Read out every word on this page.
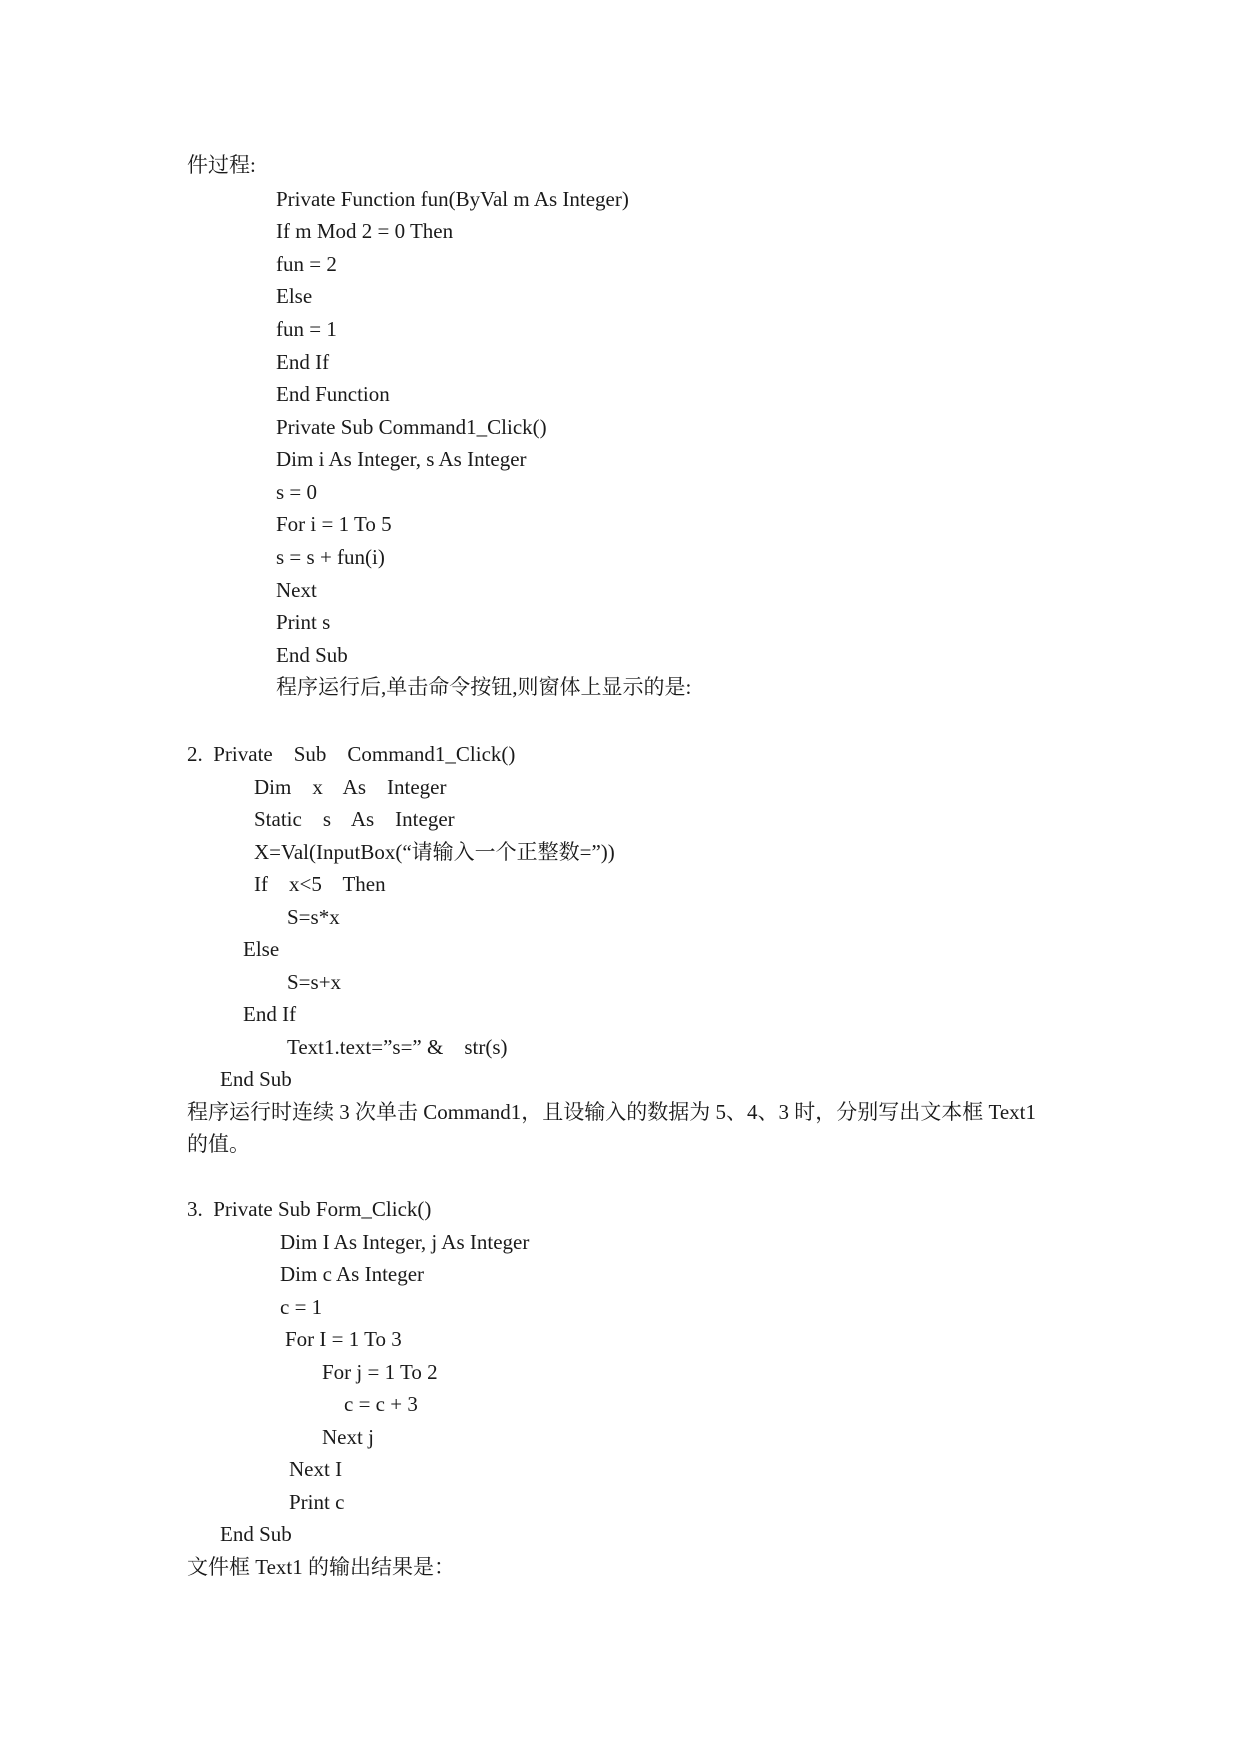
件过程:
Private Function fun(ByVal m As Integer)
If m Mod 2 = 0 Then
fun = 2
Else
fun = 1
End If
End Function
Private Sub Command1_Click()
Dim i As Integer, s As Integer
s = 0
For i = 1 To 5
s = s + fun(i)
Next
Print s
End Sub
程序运行后,单击命令按钮,则窗体上显示的是:
2.  Private    Sub    Command1_Click()
Dim    x    As    Integer
Static    s    As    Integer
X=Val(InputBox(“请输入一个正整数=”))
If    x<5    Then
S=s*x
Else
S=s+x
End If
Text1.text=”s=” &    str(s)
End Sub
程序运行时连续 3 次单击 Command1，且设输入的数据为 5、4、3 时，分别写出文本框 Text1
的值。
3.  Private Sub Form_Click()
Dim I As Integer, j As Integer
Dim c As Integer
c = 1
For I = 1 To 3
For j = 1 To 2
c = c + 3
Next j
Next I
Print c
End Sub
文件框 Text1 的输出结果是：
